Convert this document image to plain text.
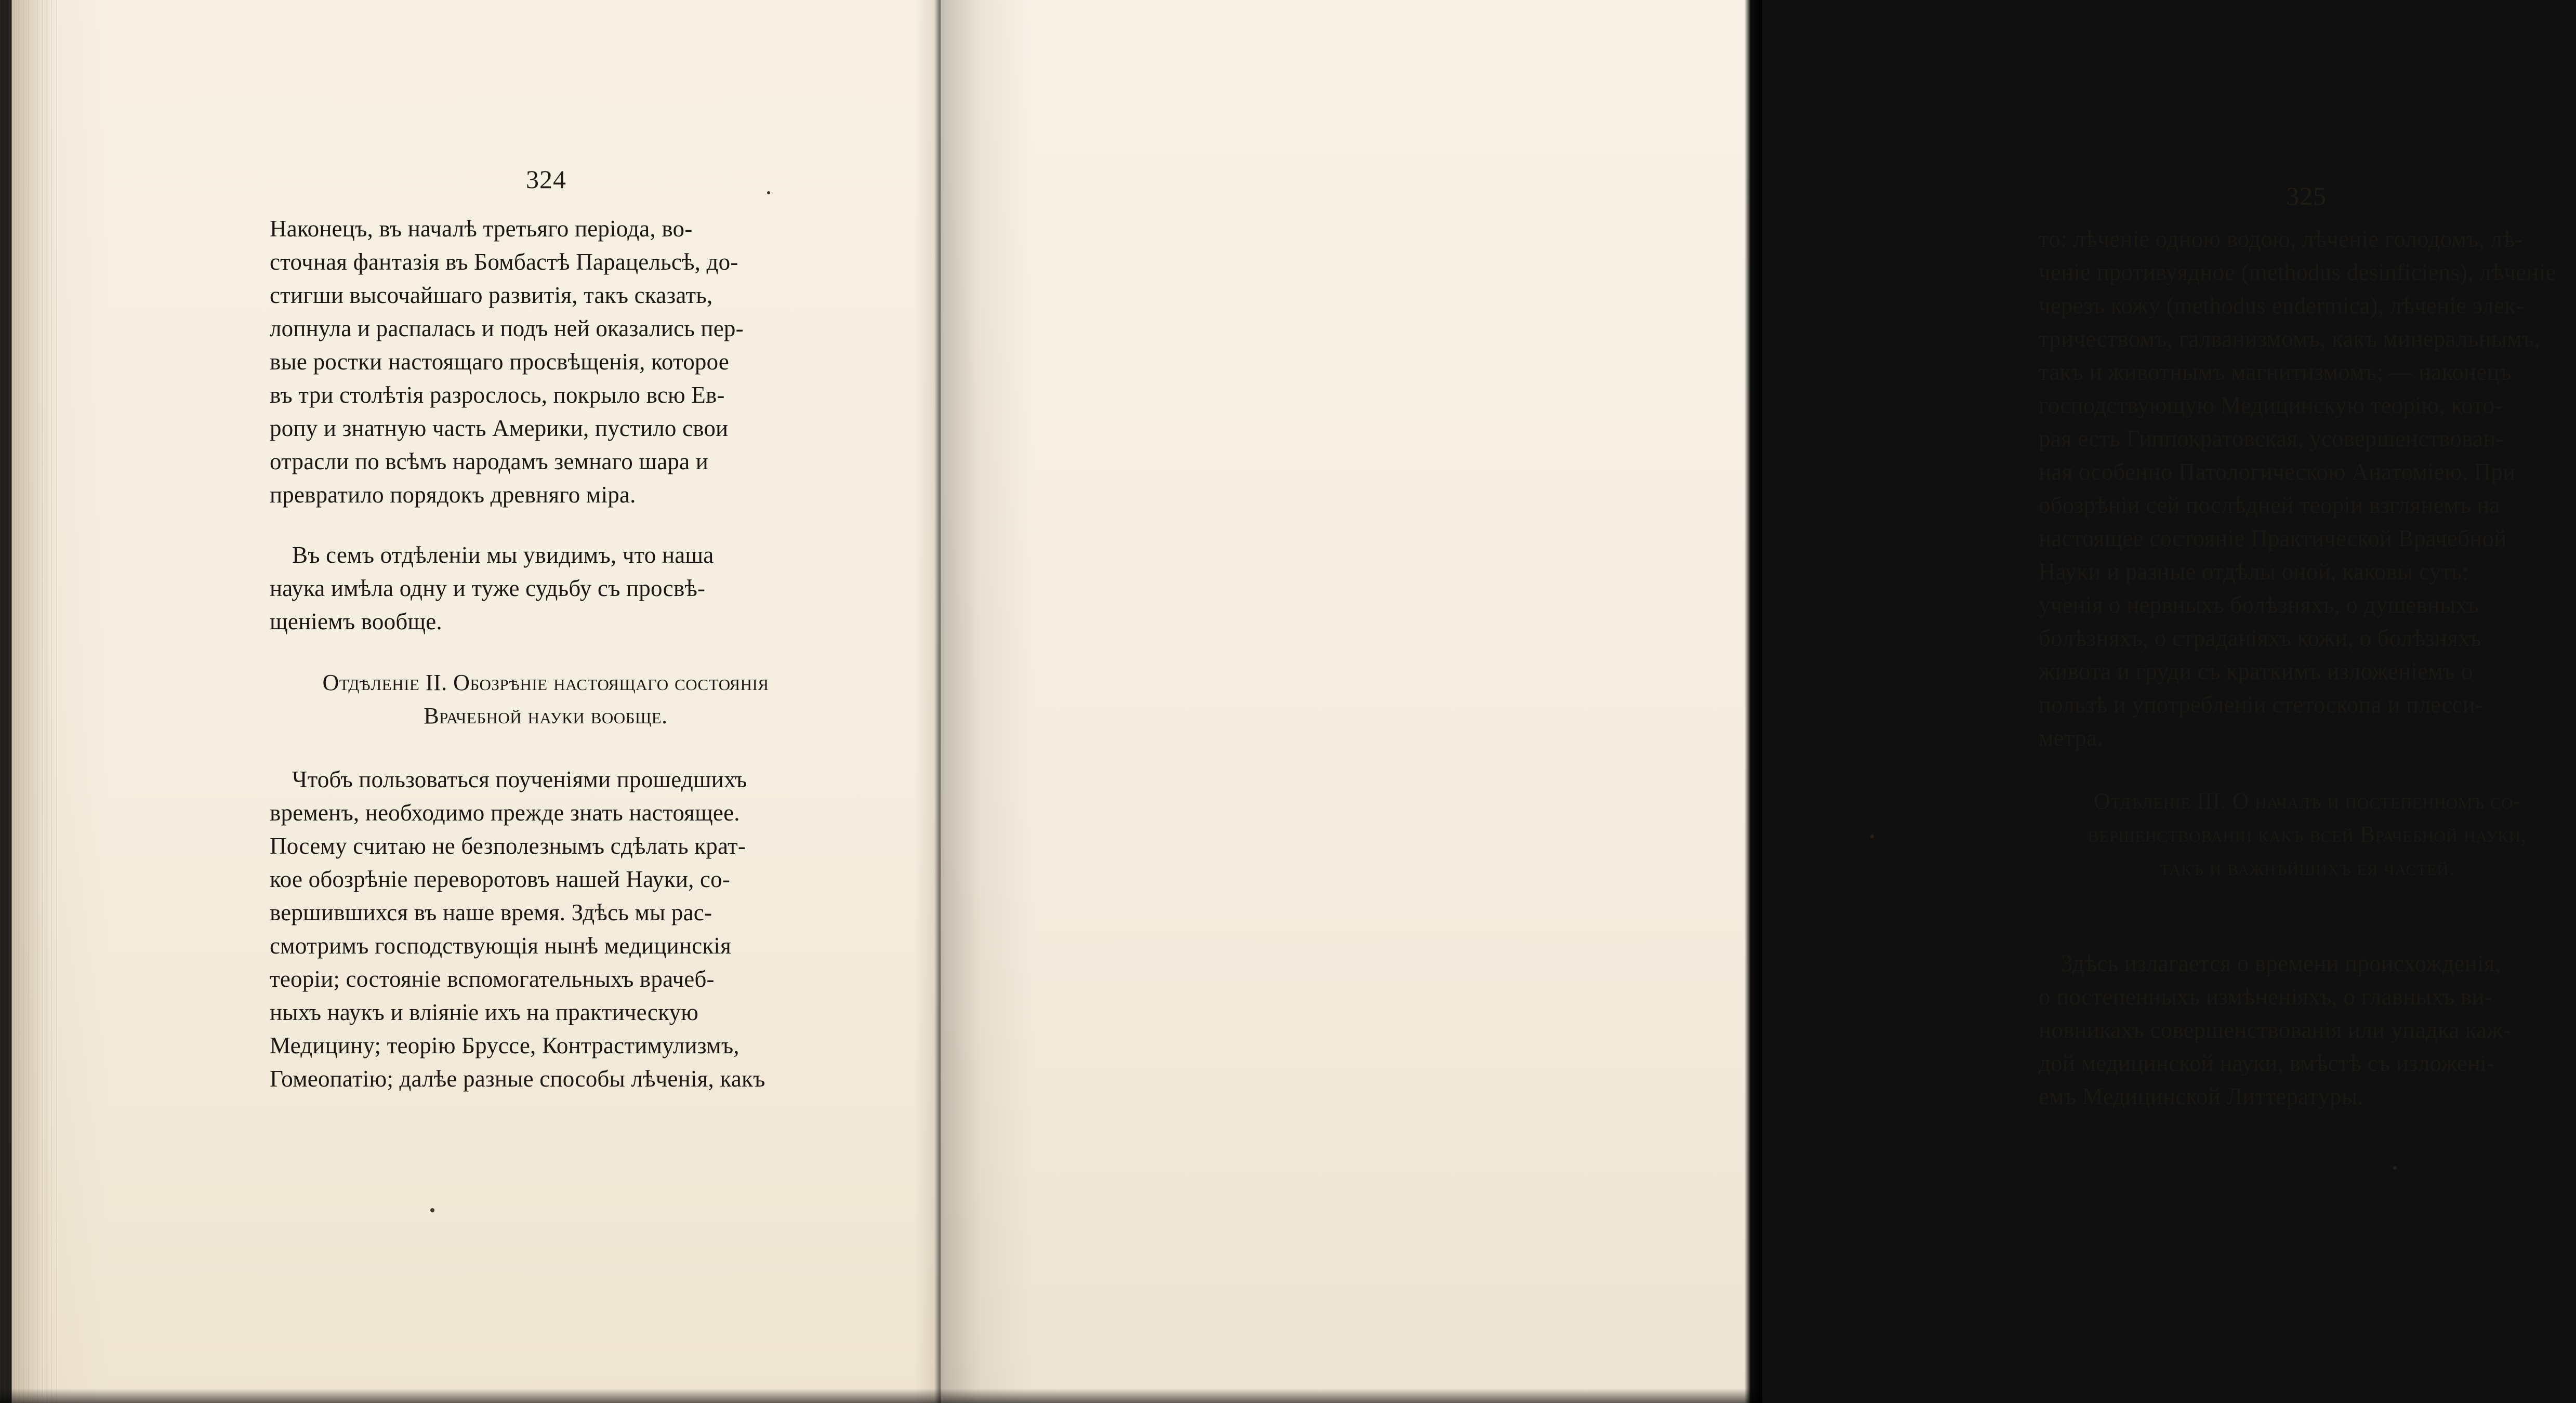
324

Наконецъ, въ началѣ третьяго періода, во-
сточная фантазія въ Бомбастѣ Парацельсѣ, до-
стигши высочайшаго развитія, такъ сказать,
лопнула и распалась и подъ ней оказались пер-
вые ростки настоящаго просвѣщенія, которое
въ три столѣтія разрослось, покрыло всю Ев-
ропу и знатную часть Америки, пустило свои
отрасли по всѣмъ народамъ земнаго шара и
превратило порядокъ древняго міра.

Въ семъ отдѣленіи мы увидимъ, что наша
наука имѣла одну и туже судьбу съ просвѣ-
щеніемъ вообще.

Отдѣленіе II. Обозрѣніе настоящаго состоянія
Врачебной науки вообще.

Чтобъ пользоваться поученіями прошедшихъ
временъ, необходимо прежде знать настоящее.
Посему считаю не безполезнымъ сдѣлать крат-
кое обозрѣніе переворотовъ нашей Науки, со-
вершившихся въ наше время. Здѣсь мы рас-
смотримъ господствующія нынѣ медицинскія
теоріи; состояніе вспомогательныхъ врачеб-
ныхъ наукъ и вліяніе ихъ на практическую
Медицину; теорію Бруссе, Контрастимулизмъ,
Гомеопатію; далѣе разные способы лѣченія, какъ

325

то: лѣченіе одною водою, лѣченіе голодомъ, лѣ-
ченіе противуядное (methodus desinficiens), лѣченіе
черезъ кожу (methodus endermica), лѣченіе элек-
тричествомъ, галванизмомъ, какъ минеральнымъ,
такъ и животнымъ магнитизмомъ; — наконецъ
господствующую Медицинскую теорію, кото-
рая есть Гиппократовская, усовершенствован-
ная особенно Патологическою Анатоміею. При
обозрѣніи сей послѣдней теоріи взглянемъ на
настоящее состояніе Практической Врачебной
Науки и разные отдѣлы оной, каковы суть:
ученія о нервныхъ болѣзняхъ, о душевныхъ
болѣзняхъ, о страданіяхъ кожи, о болѣзняхъ
живота и груди съ краткимъ изложеніемъ о
пользѣ и употребленіи стетоскопа и плесси-
метра.

Отдѣленіе III. О началѣ и постепенномъ со-
вершенствованіи какъ всей Врачебной науки,
такъ и важнѣйшихъ ея частей.

Здѣсь излагается о времени происхожденія,
о постепенныхъ измѣненіяхъ, о главныхъ ви-
новникахъ совершенствованія или упадка каж-
дой медицинской науки, вмѣстѣ съ изложені-
емъ Медицинской Литтературы.
